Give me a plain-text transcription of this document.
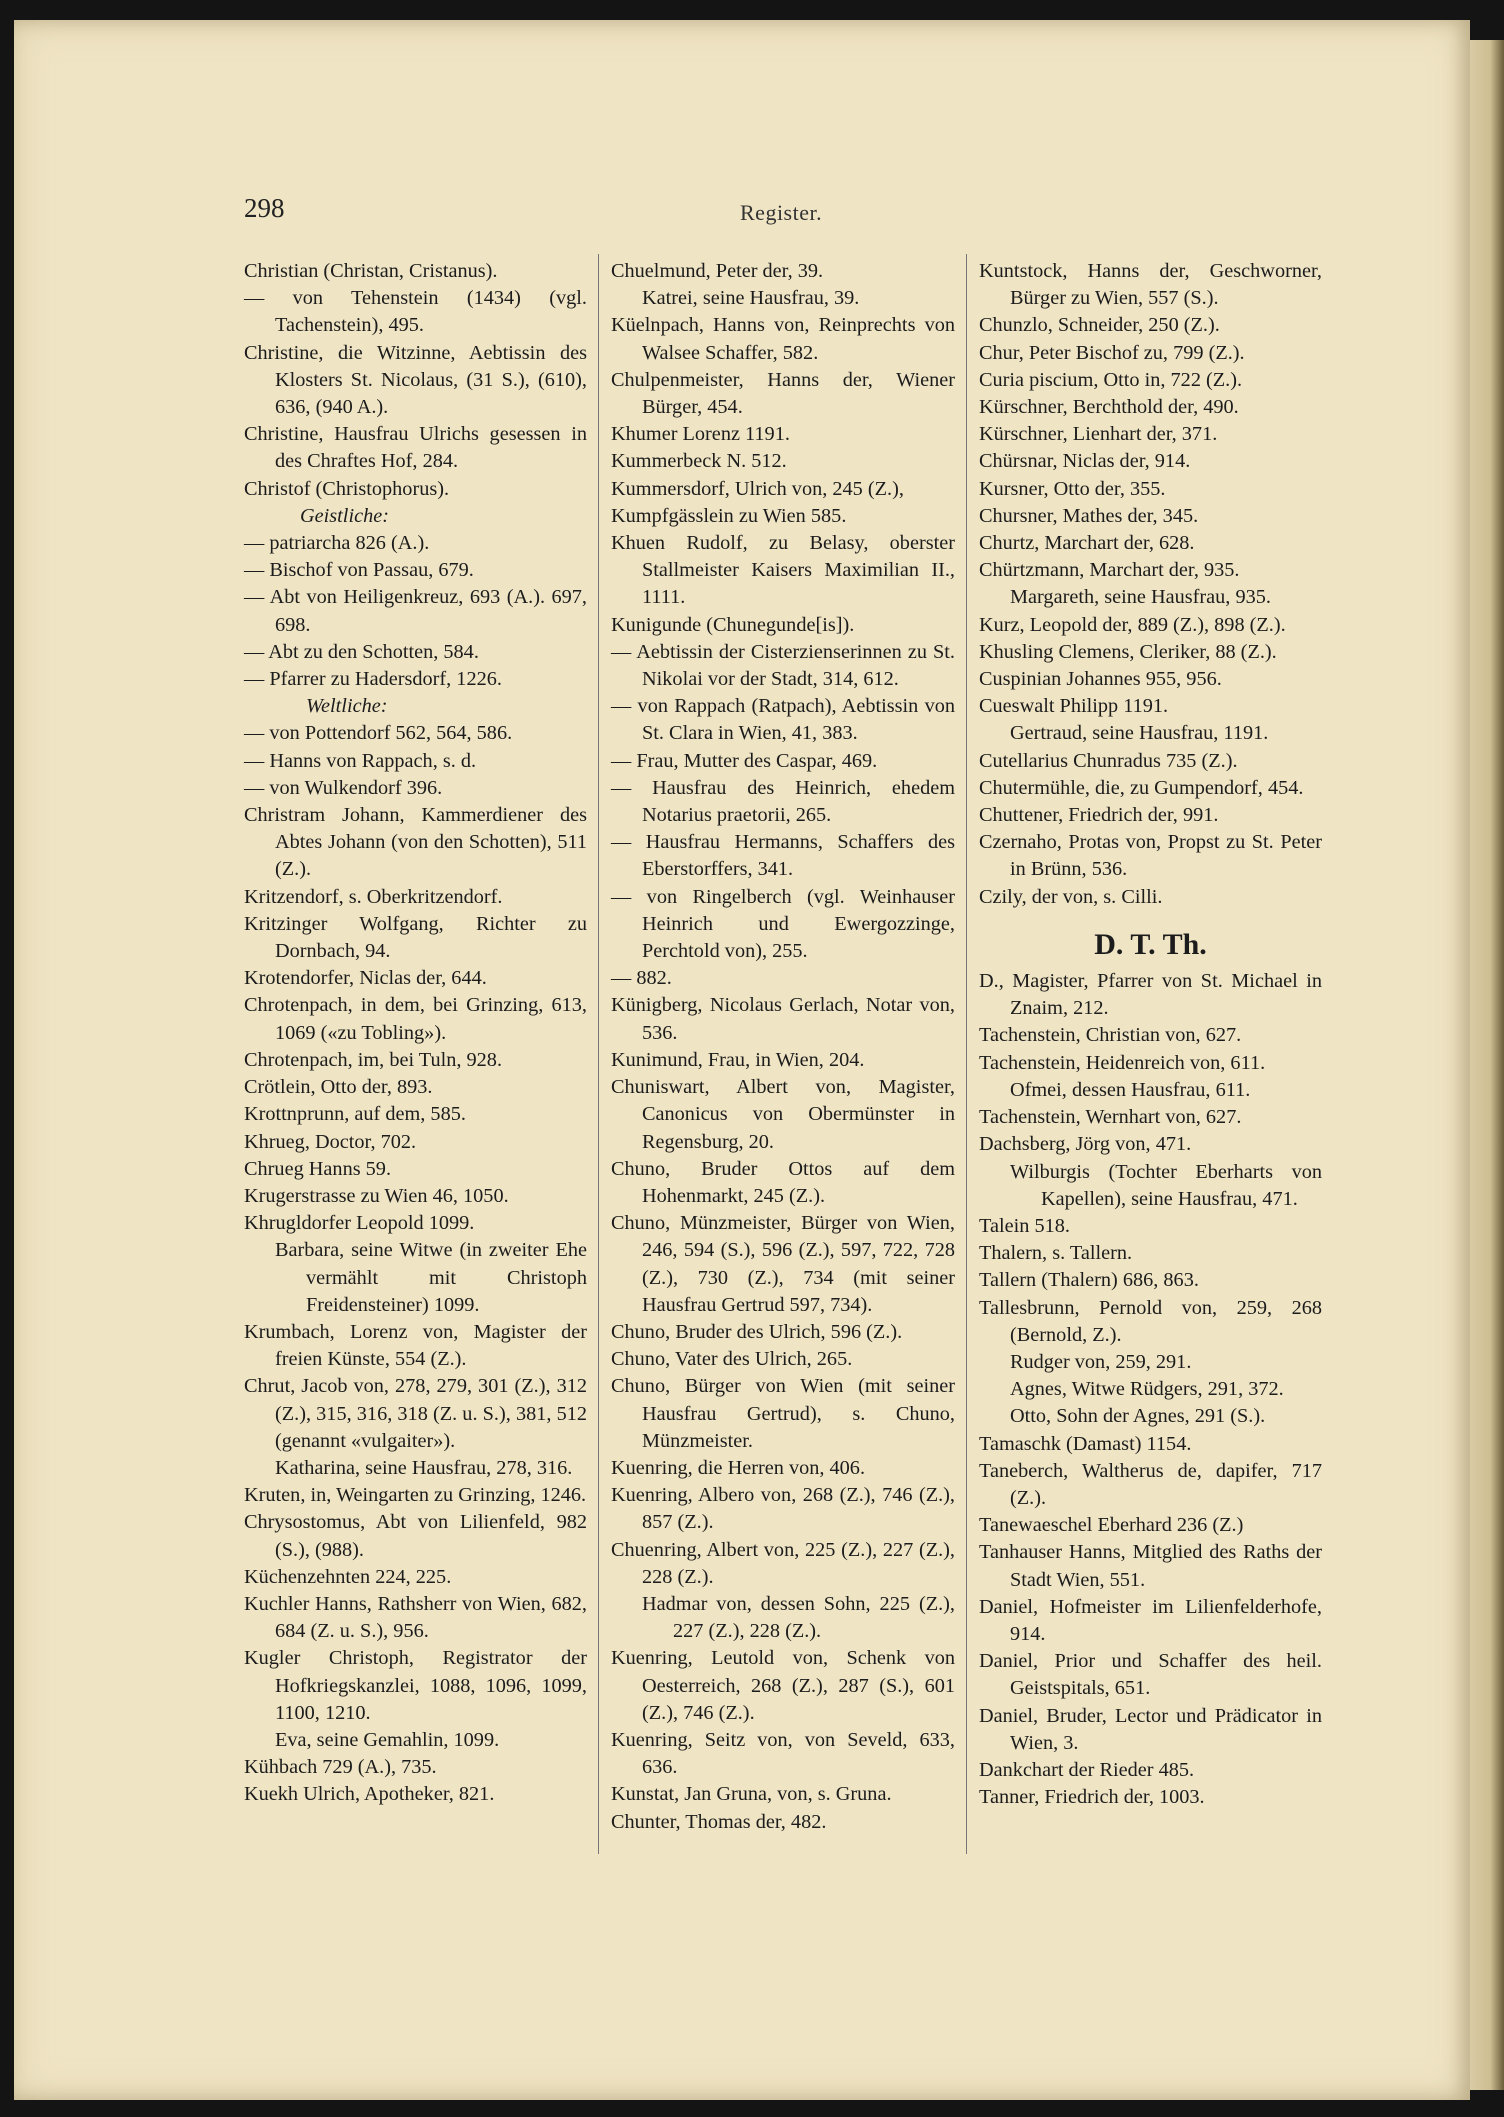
298	Register.
Christian (Christan, Cristanus).
— von Tehenstein (1434) (vgl. Tachenstein), 495.
Christine, die Witzinne, Aebtissin des Klosters St. Nicolaus, (31 S.), (610), 636, (940 A.).
Christine, Hausfrau Ulrichs gesessen in des Chraftes Hof, 284.
Christof (Christophorus).
Geistliche:
— patriarcha 826 (A.).
— Bischof von Passau, 679.
— Abt von Heiligenkreuz, 693 (A.). 697, 698.
— Abt zu den Schotten, 584.
— Pfarrer zu Hadersdorf, 1226.
Weltliche:
— von Pottendorf 562, 564, 586.
— Hanns von Rappach, s. d.
— von Wulkendorf 396.
Christram Johann, Kammerdiener des Abtes Johann (von den Schotten), 511 (Z.).
Kritzendorf, s. Oberkritzendorf.
Kritzinger Wolfgang, Richter zu Dornbach, 94.
Krotendorfer, Niclas der, 644.
Chrotenpach, in dem, bei Grinzing, 613, 1069 («zu Tobling»).
Chrotenpach, im, bei Tuln, 928.
Crötlein, Otto der, 893.
Krottnprunn, auf dem, 585.
Khrueg, Doctor, 702.
Chrueg Hanns 59.
Krugerstrasse zu Wien 46, 1050.
Khrugldorfer Leopold 1099.
Barbara, seine Witwe (in zweiter Ehe vermählt mit Christoph Freidensteiner) 1099.
Krumbach, Lorenz von, Magister der freien Künste, 554 (Z.).
Chrut, Jacob von, 278, 279, 301 (Z.), 312 (Z.), 315, 316, 318 (Z. u. S.), 381, 512 (genannt «vulgaiter»).
Katharina, seine Hausfrau, 278, 316.
Kruten, in, Weingarten zu Grinzing, 1246.
Chrysostomus, Abt von Lilienfeld, 982 (S.), (988).
Küchenzehnten 224, 225.
Kuchler Hanns, Rathsherr von Wien, 682, 684 (Z. u. S.), 956.
Kugler Christoph, Registrator der Hofkriegskanzlei, 1088, 1096, 1099, 1100, 1210.
Eva, seine Gemahlin, 1099.
Kühbach 729 (A.), 735.
Kuekh Ulrich, Apotheker, 821.
Chuelmund, Peter der, 39.
Katrei, seine Hausfrau, 39.
Küelnpach, Hanns von, Reinprechts von Walsee Schaffer, 582.
Chulpenmeister, Hanns der, Wiener Bürger, 454.
Khumer Lorenz 1191.
Kummerbeck N. 512.
Kummersdorf, Ulrich von, 245 (Z.),
Kumpfgässlein zu Wien 585.
Khuen Rudolf, zu Belasy, oberster Stallmeister Kaisers Maximilian II., 1111.
Kunigunde (Chunegunde[is]).
— Aebtissin der Cisterzienserinnen zu St. Nikolai vor der Stadt, 314, 612.
— von Rappach (Ratpach), Aebtissin von St. Clara in Wien, 41, 383.
— Frau, Mutter des Caspar, 469.
— Hausfrau des Heinrich, ehedem Notarius praetorii, 265.
— Hausfrau Hermanns, Schaffers des Eberstorffers, 341.
— von Ringelberch (vgl. Weinhauser Heinrich und Ewergozzinge, Perchtold von), 255.
— 882.
Künigberg, Nicolaus Gerlach, Notar von, 536.
Kunimund, Frau, in Wien, 204.
Chuniswart, Albert von, Magister, Canonicus von Obermünster in Regensburg, 20.
Chuno, Bruder Ottos auf dem Hohenmarkt, 245 (Z.).
Chuno, Münzmeister, Bürger von Wien, 246, 594 (S.), 596 (Z.), 597, 722, 728 (Z.), 730 (Z.), 734 (mit seiner Hausfrau Gertrud 597, 734).
Chuno, Bruder des Ulrich, 596 (Z.).
Chuno, Vater des Ulrich, 265.
Chuno, Bürger von Wien (mit seiner Hausfrau Gertrud), s. Chuno, Münzmeister.
Kuenring, die Herren von, 406.
Kuenring, Albero von, 268 (Z.), 746 (Z.), 857 (Z.).
Chuenring, Albert von, 225 (Z.), 227 (Z.), 228 (Z.).
Hadmar von, dessen Sohn, 225 (Z.), 227 (Z.), 228 (Z.).
Kuenring, Leutold von, Schenk von Oesterreich, 268 (Z.), 287 (S.), 601 (Z.), 746 (Z.).
Kuenring, Seitz von, von Seveld, 633, 636.
Kunstat, Jan Gruna, von, s. Gruna.
Chunter, Thomas der, 482.
Kuntstock, Hanns der, Geschworner, Bürger zu Wien, 557 (S.).
Chunzlo, Schneider, 250 (Z.).
Chur, Peter Bischof zu, 799 (Z.).
Curia piscium, Otto in, 722 (Z.).
Kürschner, Berchthold der, 490.
Kürschner, Lienhart der, 371.
Chürsnar, Niclas der, 914.
Kursner, Otto der, 355.
Chursner, Mathes der, 345.
Churtz, Marchart der, 628.
Chürtzmann, Marchart der, 935.
Margareth, seine Hausfrau, 935.
Kurz, Leopold der, 889 (Z.), 898 (Z.).
Khusling Clemens, Cleriker, 88 (Z.).
Cuspinian Johannes 955, 956.
Cueswalt Philipp 1191.
Gertraud, seine Hausfrau, 1191.
Cutellarius Chunradus 735 (Z.).
Chutermühle, die, zu Gumpendorf, 454.
Chuttener, Friedrich der, 991.
Czernaho, Protas von, Propst zu St. Peter in Brünn, 536.
Czily, der von, s. Cilli.
D. T. Th.
D., Magister, Pfarrer von St. Michael in Znaim, 212.
Tachenstein, Christian von, 627.
Tachenstein, Heidenreich von, 611.
Ofmei, dessen Hausfrau, 611.
Tachenstein, Wernhart von, 627.
Dachsberg, Jörg von, 471.
Wilburgis (Tochter Eberharts von Kapellen), seine Hausfrau, 471.
Talein 518.
Thalern, s. Tallern.
Tallern (Thalern) 686, 863.
Tallesbrunn, Pernold von, 259, 268 (Bernold, Z.).
Rudger von, 259, 291.
Agnes, Witwe Rüdgers, 291, 372.
Otto, Sohn der Agnes, 291 (S.).
Tamaschk (Damast) 1154.
Taneberch, Waltherus de, dapifer, 717 (Z.).
Tanewaeschel Eberhard 236 (Z.)
Tanhauser Hanns, Mitglied des Raths der Stadt Wien, 551.
Daniel, Hofmeister im Lilienfelderhofe, 914.
Daniel, Prior und Schaffer des heil. Geistspitals, 651.
Daniel, Bruder, Lector und Prädicator in Wien, 3.
Dankchart der Rieder 485.
Tanner, Friedrich der, 1003.
